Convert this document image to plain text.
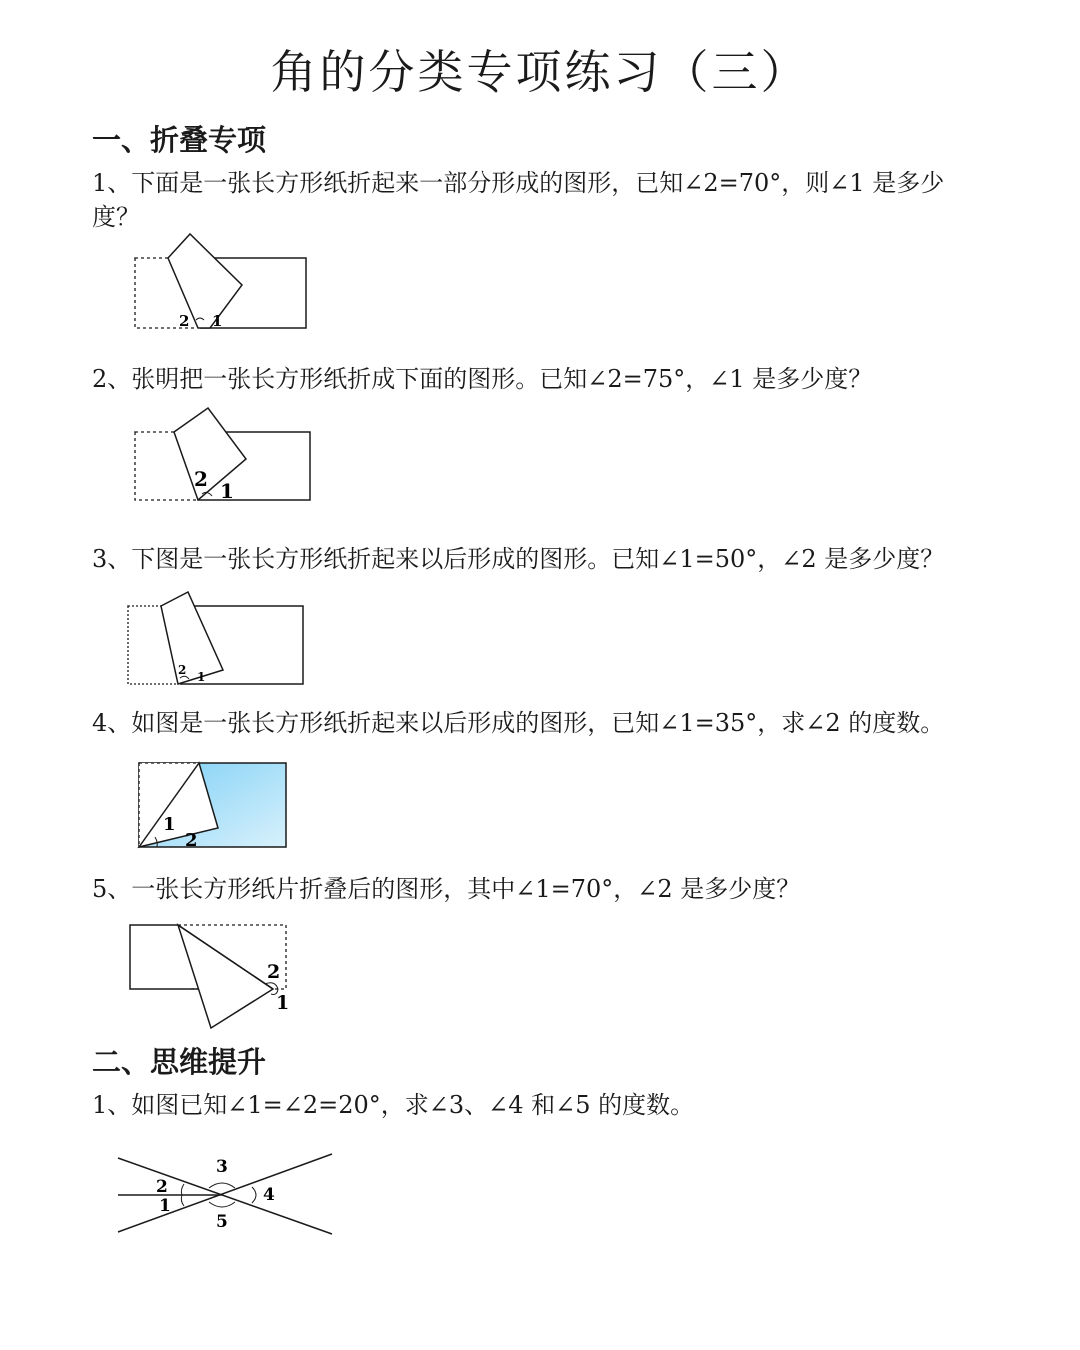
角的分类专项练习（三）
一、折叠专项
1、下面是一张长方形纸折起来一部分形成的图形，已知∠2=70°，则∠1 是多少度？
2 1
2、张明把一张长方形纸折成下面的图形。已知∠2=75°，∠1 是多少度？
2 1
3、下图是一张长方形纸折起来以后形成的图形。已知∠1=50°，∠2 是多少度？
2 1
4、如图是一张长方形纸折起来以后形成的图形，已知∠1=35°，求∠2 的度数。
1
2
5、一张长方形纸片折叠后的图形，其中∠1=70°，∠2 是多少度？
2
1
二、思维提升
1、如图已知∠1=∠2=20°，求∠3、∠4 和∠5 的度数。
3
2
1
4
5
